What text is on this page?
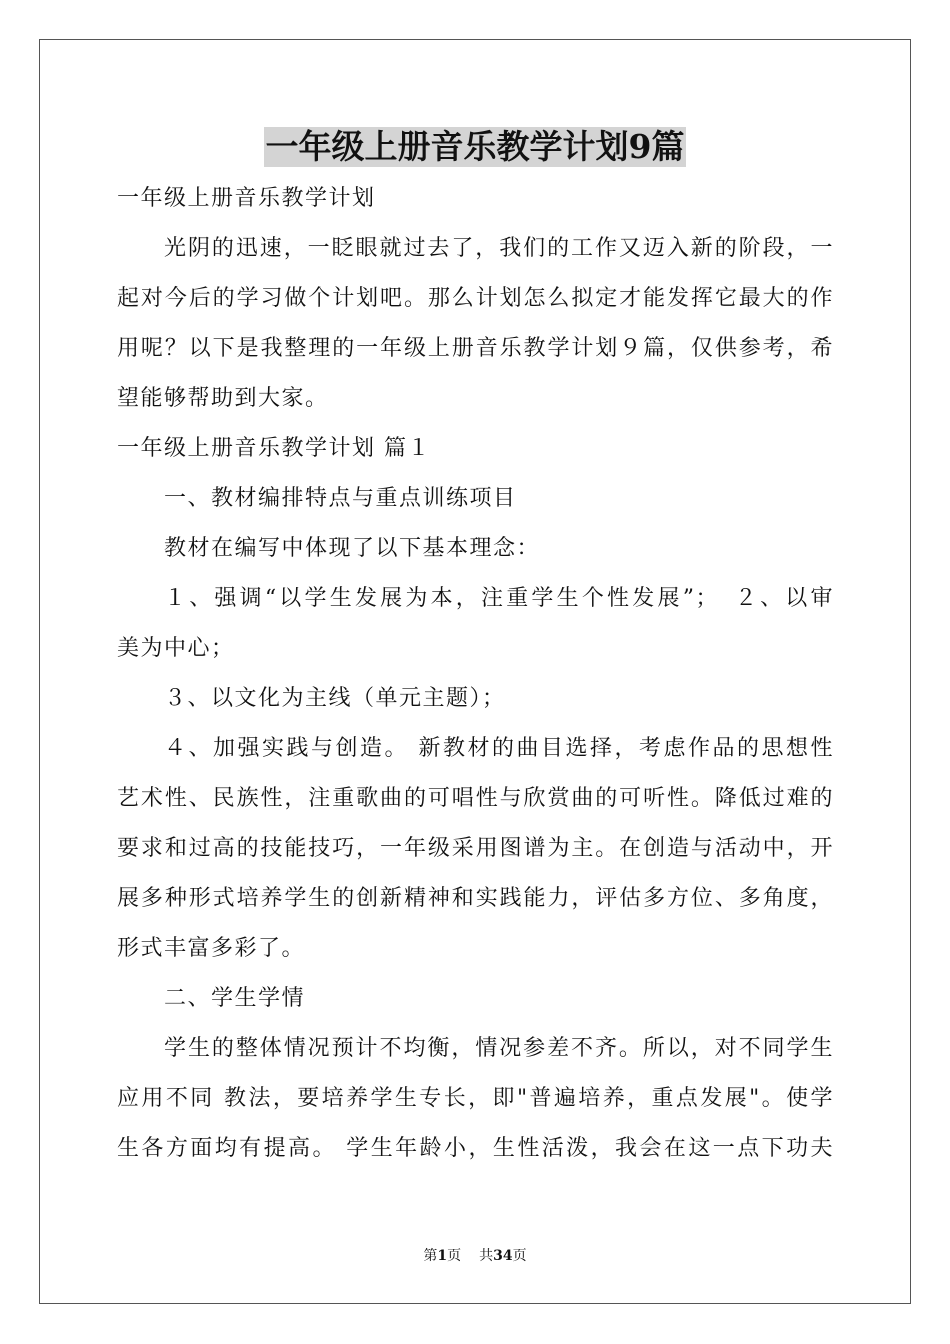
一年级上册音乐教学计划9篇
一年级上册音乐教学计划
光阴的迅速，一眨眼就过去了，我们的工作又迈入新的阶段，一
起对今后的学习做个计划吧。那么计划怎么拟定才能发挥它最大的作
用呢？以下是我整理的一年级上册音乐教学计划９篇，仅供参考，希
望能够帮助到大家。
一年级上册音乐教学计划 篇１
一、教材编排特点与重点训练项目
教材在编写中体现了以下基本理念：
１、强调“以学生发展为本，注重学生个性发展”；　２、以审
美为中心；
３、以文化为主线（单元主题）；
４、加强实践与创造。 新教材的曲目选择，考虑作品的思想性
艺术性、民族性，注重歌曲的可唱性与欣赏曲的可听性。降低过难的
要求和过高的技能技巧，一年级采用图谱为主。在创造与活动中，开
展多种形式培养学生的创新精神和实践能力，评估多方位、多角度，
形式丰富多彩了。
二、学生学情
学生的整体情况预计不均衡，情况参差不齐。所以，对不同学生
应用不同 教法，要培养学生专长，即"普遍培养，重点发展"。使学
生各方面均有提高。 学生年龄小，生性活泼，我会在这一点下功夫
第1页 共34页
